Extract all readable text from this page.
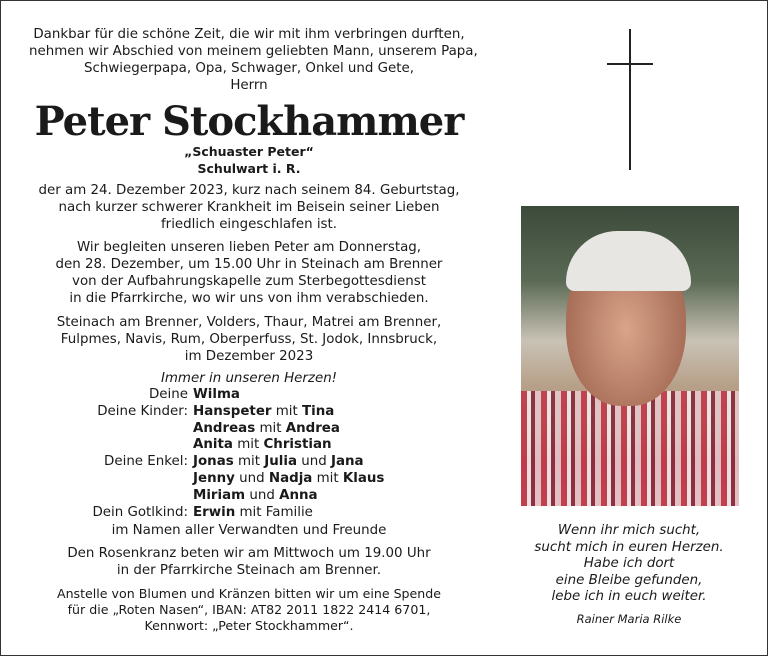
Dankbar für die schöne Zeit, die wir mit ihm verbringen durften,
nehmen wir Abschied von meinem geliebten Mann, unserem Papa,
Schwiegerpapa, Opa, Schwager, Onkel und Gete,
Herrn
Peter Stockhammer
„Schuaster Peter“
Schulwart i. R.
der am 24. Dezember 2023, kurz nach seinem 84. Geburtstag,
nach kurzer schwerer Krankheit im Beisein seiner Lieben
friedlich eingeschlafen ist.
Wir begleiten unseren lieben Peter am Donnerstag,
den 28. Dezember, um 15.00 Uhr in Steinach am Brenner
von der Aufbahrungskapelle zum Sterbegottesdienst
in die Pfarrkirche, wo wir uns von ihm verabschieden.
Steinach am Brenner, Volders, Thaur, Matrei am Brenner,
Fulpmes, Navis, Rum, Oberperfuss, St. Jodok, Innsbruck,
im Dezember 2023
Immer in unseren Herzen!
Deine Wilma
Deine Kinder: Hanspeter mit Tina
Andreas mit Andrea
Anita mit Christian
Deine Enkel: Jonas mit Julia und Jana
Jenny und Nadja mit Klaus
Miriam und Anna
Dein Gotlkind: Erwin mit Familie
im Namen aller Verwandten und Freunde
Den Rosenkranz beten wir am Mittwoch um 19.00 Uhr
in der Pfarrkirche Steinach am Brenner.
Anstelle von Blumen und Kränzen bitten wir um eine Spende
für die „Roten Nasen“, IBAN: AT82 2011 1822 2414 6701,
Kennwort: „Peter Stockhammer“.
Wenn ihr mich sucht,
sucht mich in euren Herzen.
Habe ich dort
eine Bleibe gefunden,
lebe ich in euch weiter.
Rainer Maria Rilke
